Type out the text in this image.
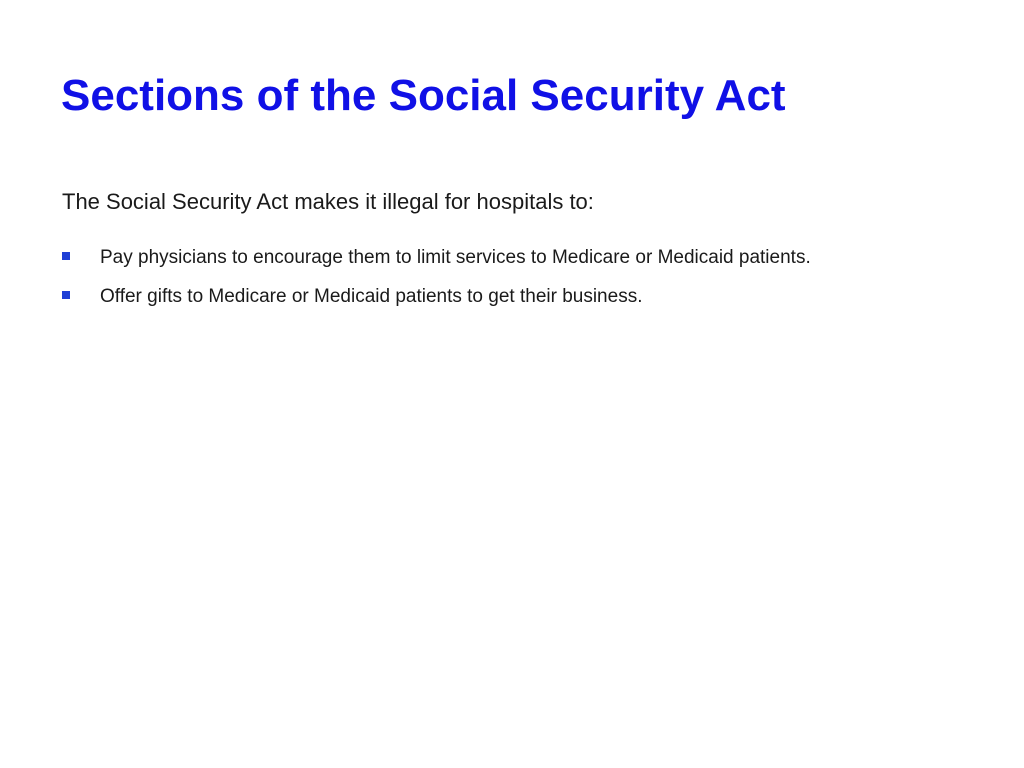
Sections of the Social Security Act

The Social Security Act makes it illegal for hospitals to:

Pay physicians to encourage them to limit services to Medicare or Medicaid patients.
Offer gifts to Medicare or Medicaid patients to get their business.
